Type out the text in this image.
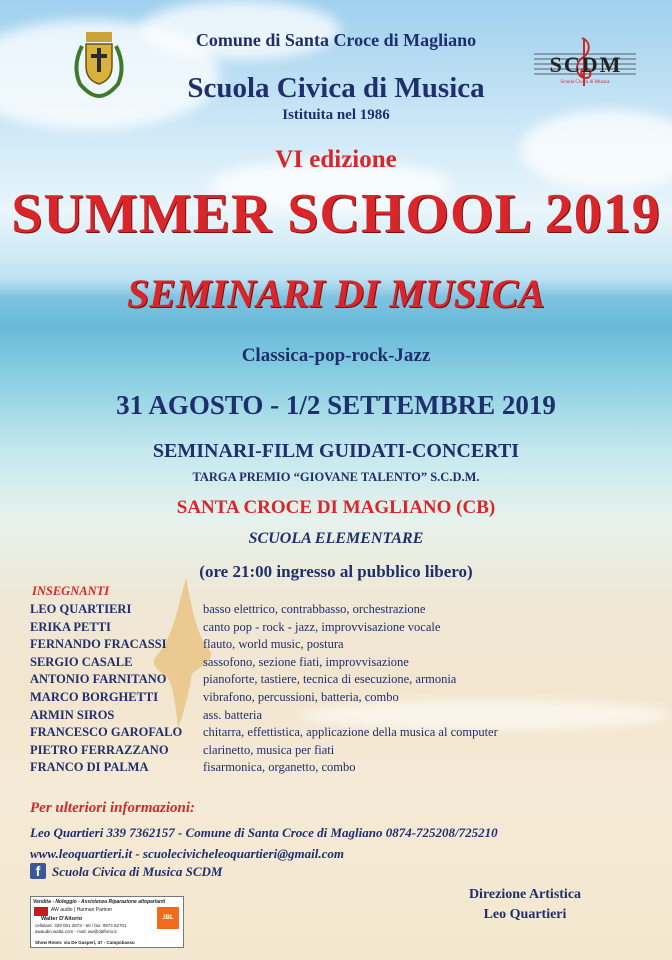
SCDM
Scuola Civica di Musica
Comune di Santa Croce di Magliano
Scuola Civica di Musica
Istituita nel 1986
VI edizione
SUMMER SCHOOL 2019
SEMINARI DI MUSICA
Classica-pop-rock-Jazz
31 AGOSTO - 1/2 SETTEMBRE 2019
SEMINARI-FILM GUIDATI-CONCERTI
TARGA PREMIO “GIOVANE TALENTO” S.C.D.M.
SANTA CROCE DI MAGLIANO (CB)
SCUOLA ELEMENTARE
(ore 21:00 ingresso al pubblico libero)
INSEGNANTI
LEO QUARTIERI	basso elettrico, contrabbasso, orchestrazione
ERIKA PETTI	canto pop - rock - jazz, improvvisazione vocale
FERNANDO FRACASSI	flauto, world music, postura
SERGIO CASALE	sassofono, sezione fiati, improvvisazione
ANTONIO FARNITANO	pianoforte, tastiere, tecnica di esecuzione, armonia
MARCO BORGHETTI	vibrafono, percussioni, batteria, combo
ARMIN SIROS	ass. batteria
FRANCESCO GAROFALO chitarra, effettistica, applicazione della musica al computer
PIETRO FERRAZZANO	clarinetto, musica per fiati
FRANCO DI PALMA	fisarmonica, organetto, combo
Per ulteriori informazioni:
Leo Quartieri 339 7362157 - Comune di Santa Croce di Magliano 0874-725208/725210
www.leoquartieri.it - scuolecivicheleoquartieri@gmail.com
f Scuola Civica di Musica SCDM
Vendita - Noleggio - Assistenza Riparazione altoparlanti
AW audio | Harman Partner
Walter D'Altorio
cellulare: 329 051 2873 - tel / fax: 0874 62701 awaudio.walta.com - mail: aw@dalforio.it
JBL
Show Room: via De Gasperi, 47 - Campobasso
Direzione Artistica
Leo Quartieri
